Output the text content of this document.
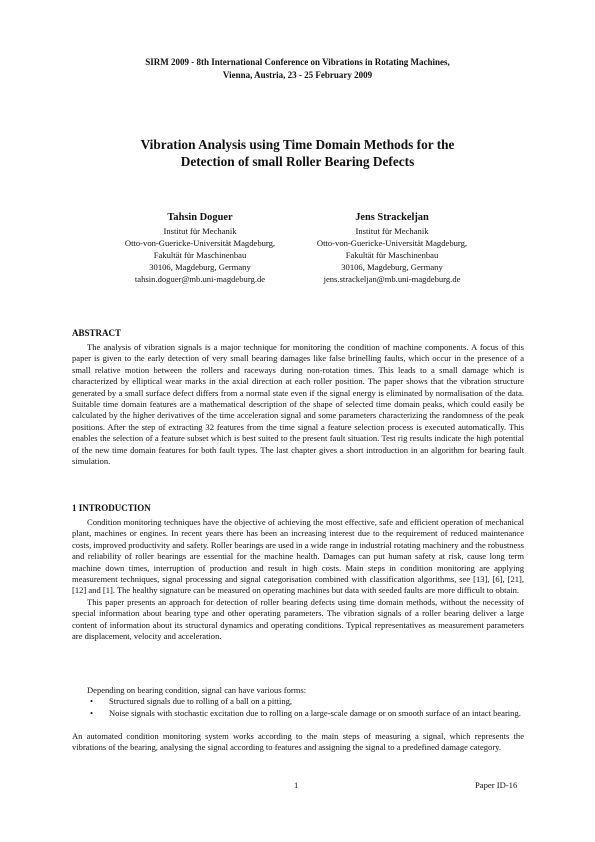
SIRM 2009 - 8th International Conference on Vibrations in Rotating Machines,
Vienna, Austria, 23 - 25 February 2009
Vibration Analysis using Time Domain Methods for the
Detection of small Roller Bearing Defects
Tahsin Doguer
Institut für Mechanik
Otto-von-Guericke-Universität Magdeburg,
Fakultät für Maschinenbau
30106, Magdeburg, Germany
tahsin.doguer@mb.uni-magdeburg.de
Jens Strackeljan
Institut für Mechanik
Otto-von-Guericke-Universität Magdeburg,
Fakultät für Maschinenbau
30106, Magdeburg, Germany
jens.strackeljan@mb.uni-magdeburg.de
ABSTRACT

The analysis of vibration signals is a major technique for monitoring the condition of machine components. A focus of this paper is given to the early detection of very small bearing damages like false brinelling faults, which occur in the presence of a small relative motion between the rollers and raceways during non-rotation times. This leads to a small damage which is characterized by elliptical wear marks in the axial direction at each roller position. The paper shows that the vibration structure generated by a small surface defect differs from a normal state even if the signal energy is eliminated by normalisation of the data. Suitable time domain features are a mathematical description of the shape of selected time domain peaks, which could easily be calculated by the higher derivatives of the time acceleration signal and some parameters characterizing the randomness of the peak positions. After the step of extracting 32 features from the time signal a feature selection process is executed automatically. This enables the selection of a feature subset which is best suited to the present fault situation. Test rig results indicate the high potential of the new time domain features for both fault types. The last chapter gives a short introduction in an algorithm for bearing fault simulation.

1 INTRODUCTION

Condition monitoring techniques have the objective of achieving the most effective, safe and efficient operation of mechanical plant, machines or engines. In recent years there has been an increasing interest due to the requirement of reduced maintenance costs, improved productivity and safety. Roller bearings are used in a wide range in industrial rotating machinery and the robustness and reliability of roller bearings are essential for the machine health. Damages can put human safety at risk, cause long term machine down times, interruption of production and result in high costs. Main steps in condition monitoring are applying measurement techniques, signal processing and signal categorisation combined with classification algorithms, see [13], [6], [21], [12] and [1]. The healthy signature can be measured on operating machines but data with seeded faults are more difficult to obtain.

This paper presents an approach for detection of roller bearing defects using time domain methods, without the necessity of special information about bearing type and other operating parameters. The vibration signals of a roller bearing deliver a large content of information about its structural dynamics and operating conditions. Typical representatives as measurement parameters are displacement, velocity and acceleration.

Depending on bearing condition, signal can have various forms:

• Structured signals due to rolling of a ball on a pitting,
• Noise signals with stochastic excitation due to rolling on a large-scale damage or on smooth surface of an intact bearing.

An automated condition monitoring system works according to the main steps of measuring a signal, which represents the vibrations of the bearing, analysing the signal according to features and assigning the signal to a predefined damage category.

1	Paper ID-16
